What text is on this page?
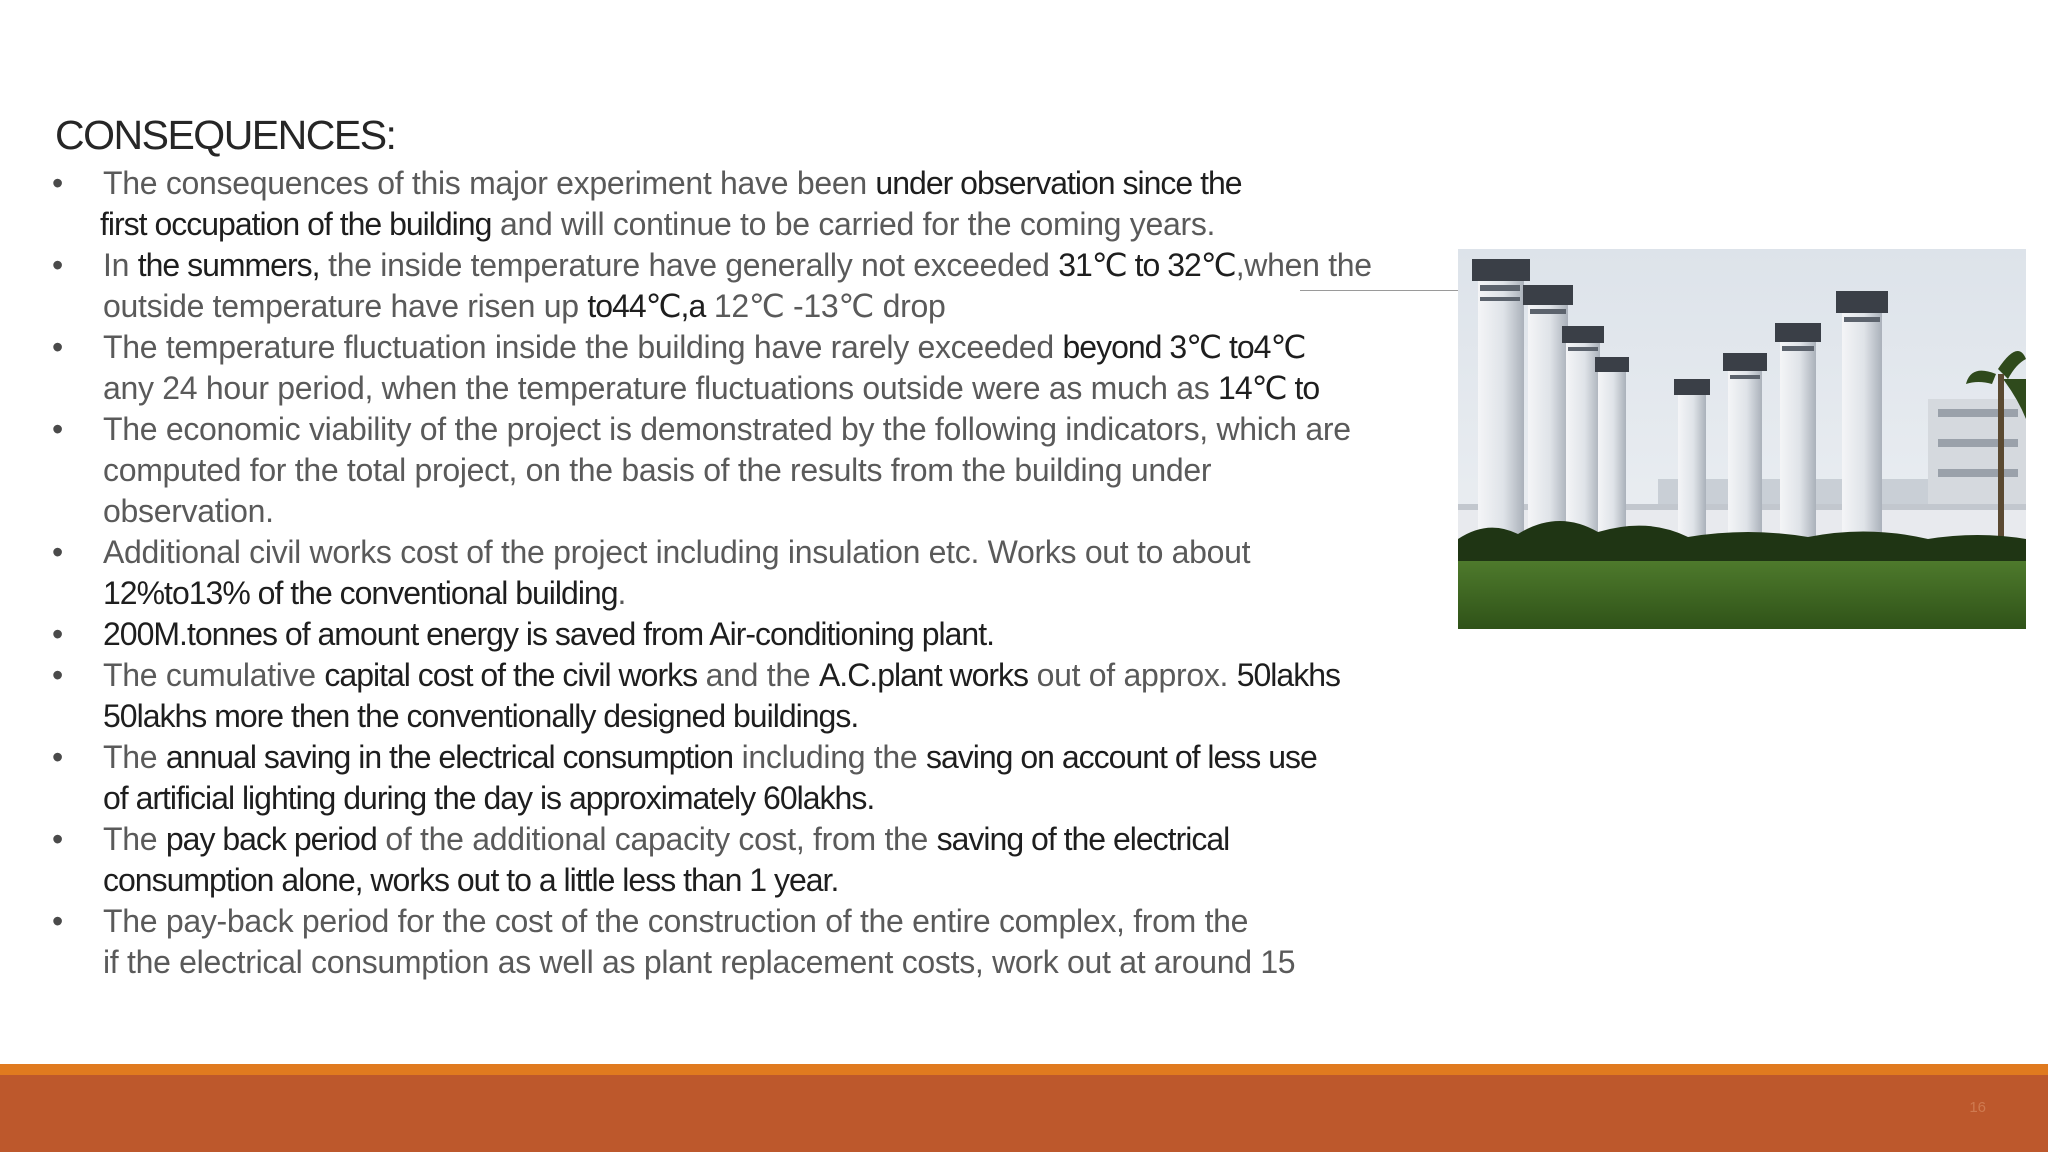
CONSEQUENCES:
• The consequences of this major experiment have been under observation since the
first occupation of the building and will continue to be carried for the coming years.
• In the summers, the inside temperature have generally not exceeded 31℃ to 32℃,when the
outside temperature have risen up to44℃,a 12℃ -13℃ drop
• The temperature fluctuation inside the building have rarely exceeded beyond 3℃ to4℃
any 24 hour period, when the temperature fluctuations outside were as much as 14℃ to
• The economic viability of the project is demonstrated by the following indicators, which are
computed for the total project, on the basis of the results from the building under
observation.
• Additional civil works cost of the project including insulation etc. Works out to about
12%to13% of the conventional building.
• 200M.tonnes of amount energy is saved from Air-conditioning plant.
• The cumulative capital cost of the civil works and the A.C.plant works out of approx. 50lakhs
50lakhs more then the conventionally designed buildings.
• The annual saving in the electrical consumption including the saving on account of less use
of artificial lighting during the day is approximately 60lakhs.
• The pay back period of the additional capacity cost, from the saving of the electrical
consumption alone, works out to a little less than 1 year.
• The pay-back period for the cost of the construction of the entire complex, from the
if the electrical consumption as well as plant replacement costs, work out at around 15
16
